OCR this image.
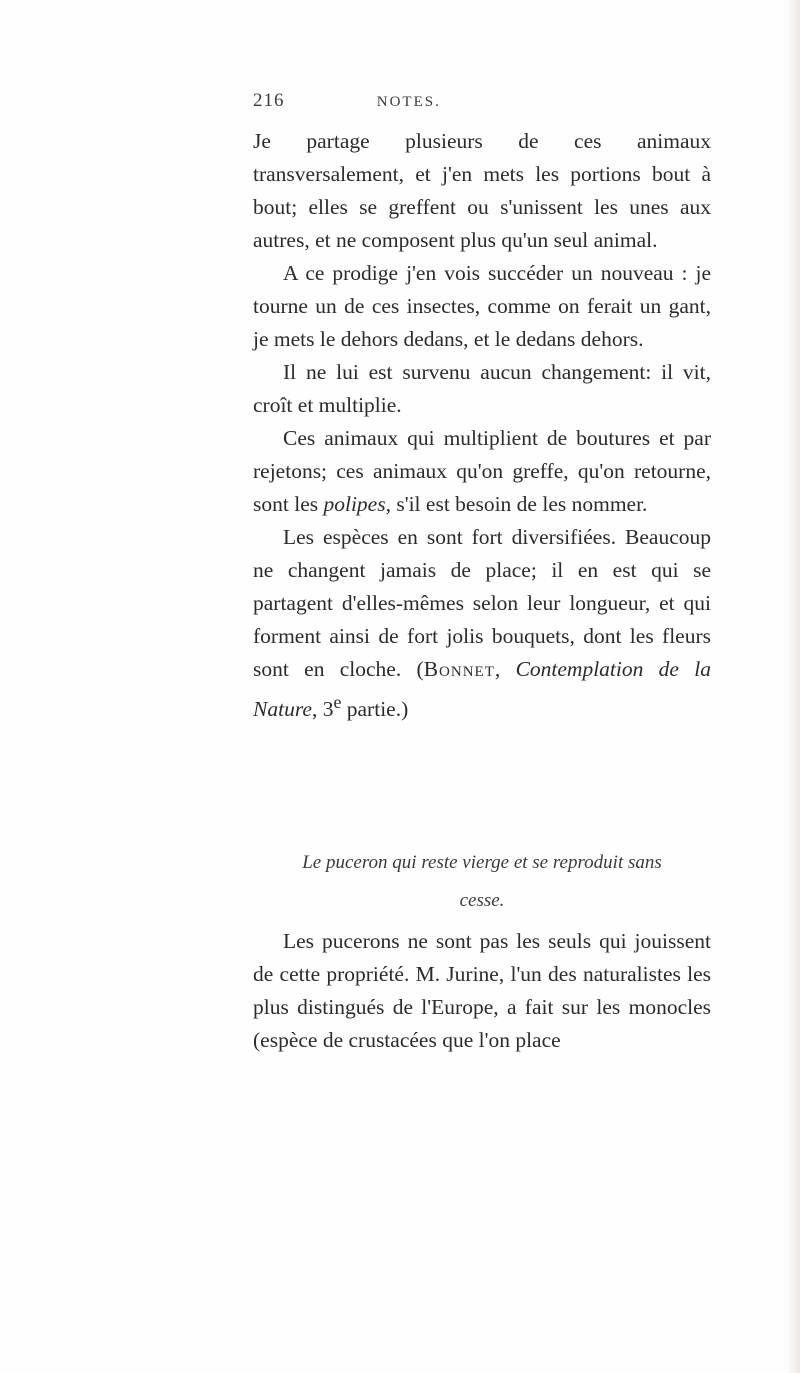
216	NOTES.

Je partage plusieurs de ces animaux transversalement, et j'en mets les portions bout à bout; elles se greffent ou s'unissent les unes aux autres, et ne composent plus qu'un seul animal.

A ce prodige j'en vois succéder un nouveau : je tourne un de ces insectes, comme on ferait un gant, je mets le dehors dedans, et le dedans dehors.

Il ne lui est survenu aucun changement: il vit, croît et multiplie.

Ces animaux qui multiplient de boutures et par rejetons; ces animaux qu'on greffe, qu'on retourne, sont les polipes, s'il est besoin de les nommer.

Les espèces en sont fort diversifiées. Beaucoup ne changent jamais de place; il en est qui se partagent d'elles-mêmes selon leur longueur, et qui forment ainsi de fort jolis bouquets, dont les fleurs sont en cloche. (Bonnet, Contemplation de la Nature, 3e partie.)

Le puceron qui reste vierge et se reproduit sans
cesse.

Les pucerons ne sont pas les seuls qui jouissent de cette propriété. M. Jurine, l'un des naturalistes les plus distingués de l'Europe, a fait sur les monocles (espèce de crustacées que l'on place
